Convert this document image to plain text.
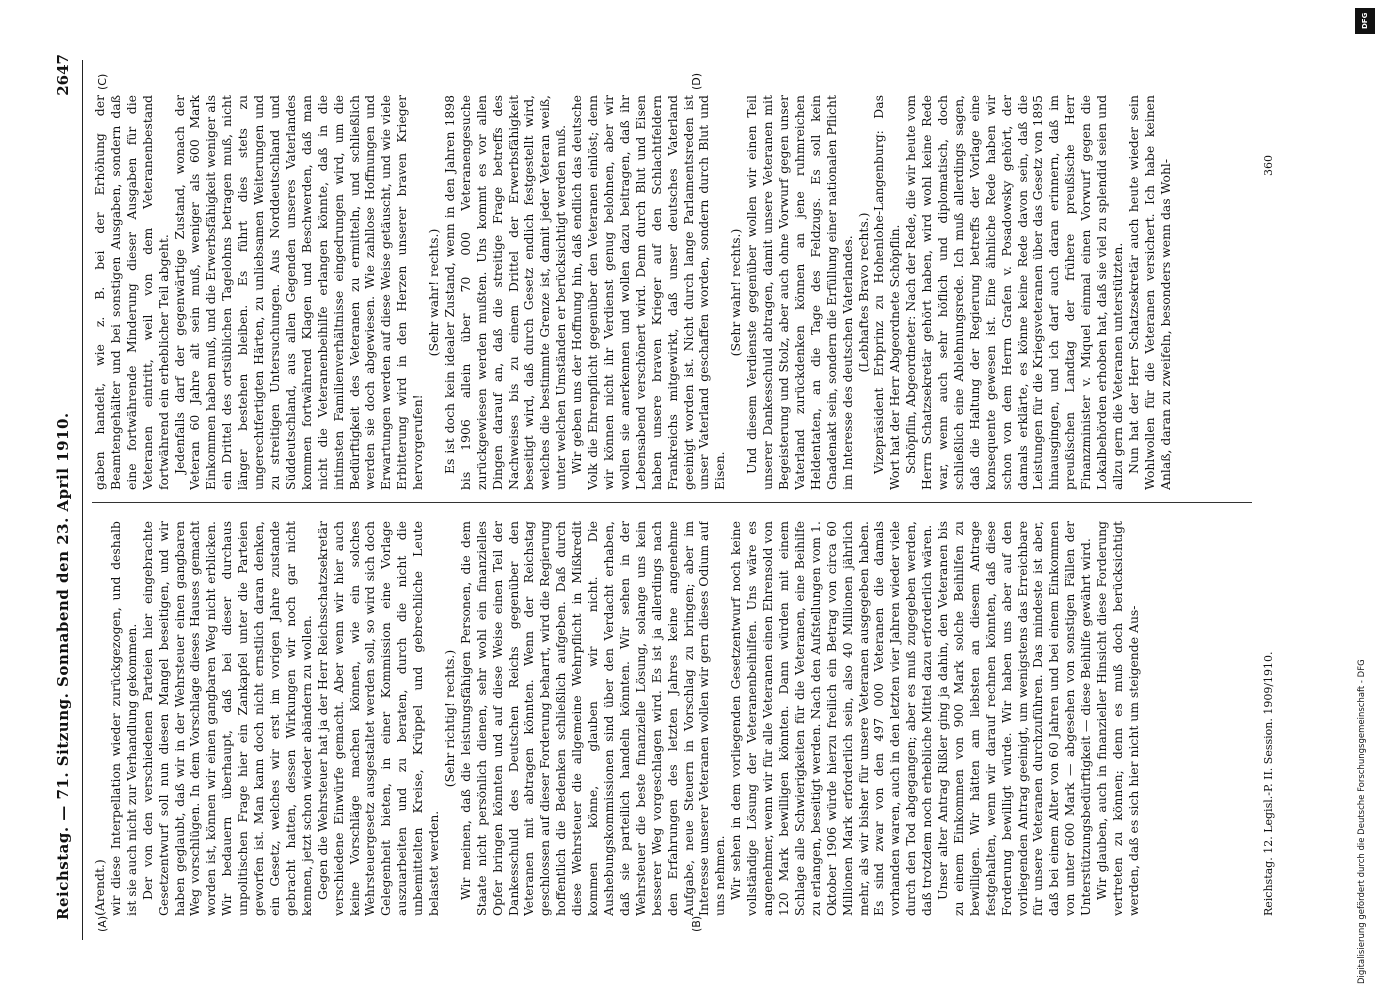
Reichstag. — 71. Sitzung. Sonnabend den 23. April 1910.
2647
(A)	(B)
(C)	(D)

(Arendt.) wir diese Interpellation wieder zurückgezogen, und deshalb ist sie auch nicht zur Verhandlung gekommen. Der von den verschiedenen Parteien hier eingebrachte Gesetzentwurf soll nun diesen Mangel beseitigen, und wir haben geglaubt, daß wir in der Wehrsteuer einen gangbaren Weg vorschlügen. In dem Vorschlage dieses Hauses gemacht worden ist, können wir einen gangbaren Weg nicht erblicken. Wir bedauern überhaupt, daß bei dieser durchaus unpolitischen Frage hier ein Zankapfel unter die Parteien geworfen ist. Man kann doch nicht ernstlich daran denken, ein Gesetz, welches wir erst im vorigen Jahre zustande gebracht hatten, dessen Wirkungen wir noch gar nicht kennen, jetzt schon wieder abändern zu wollen. Gegen die Wehrsteuer hat ja der Herr Reichsschatzsekretär verschiedene Einwürfe gemacht. Aber wenn wir hier auch keine Vorschläge machen können, wie ein solches Wehrsteuergesetz ausgestaltet werden soll, so wird sich doch Gelegenheit bieten, in einer Kommission eine Vorlage auszuarbeiten und zu beraten, durch die nicht die unbemittelten Kreise, Krüppel und gebrechliche Leute belastet werden.

(Sehr richtig! rechts.) Wir meinen, daß die leistungsfähigen Personen, die dem Staate nicht persönlich dienen, sehr wohl ein finanzielles Opfer bringen könnten und auf diese Weise einen Teil der Dankesschuld des Deutschen Reichs gegenüber den Veteranen mit abtragen könnten. Wenn der Reichstag geschlossen auf dieser Forderung beharrt, wird die Regierung hoffentlich die Bedenken schließlich aufgeben. Daß durch diese Wehrsteuer die allgemeine Wehrpflicht in Mißkredit kommen könne, glauben wir nicht. Die Aushebungskommissionen sind über den Verdacht erhaben, daß sie parteilich handeln könnten. Wir sehen in der Wehrsteuer die beste finanzielle Lösung, solange uns kein besserer Weg vorgeschlagen wird. Es ist ja allerdings nach den Erfahrungen des letzten Jahres keine angenehme Aufgabe, neue Steuern in Vorschlag zu bringen; aber im Interesse unserer Veteranen wollen wir gern dieses Odium auf uns nehmen. Wir sehen in dem vorliegenden Gesetzentwurf noch keine vollständige Lösung der Veteranenbeihilfen. Uns wäre es angenehmer, wenn wir für alle Veteranen einen Ehrensold von 120 Mark bewilligen könnten. Dann würden mit einem Schlage alle Schwierigkeiten für die Veteranen, eine Beihilfe zu erlangen, beseitigt werden. Nach den Aufstellungen vom 1. Oktober 1906 würde hierzu freilich ein Betrag von circa 60 Millionen Mark erforderlich sein, also 40 Millionen jährlich mehr, als wir bisher für unsere Veteranen ausgegeben haben. Es sind zwar von den 497 000 Veteranen die damals vorhanden waren, auch in den letzten vier Jahren wieder viele durch den Tod abgegangen; aber es muß zugegeben werden, daß trotzdem noch erhebliche Mittel dazu erforderlich wären. Unser alter Antrag Rißler ging ja dahin, den Veteranen bis zu einem Einkommen von 900 Mark solche Beihilfen zu bewilligen. Wir hätten am liebsten an diesem Antrage festgehalten, wenn wir darauf rechnen könnten, daß diese Forderung bewilligt würde. Wir haben uns aber auf den vorliegenden Antrag geeinigt, um wenigstens das Erreichbare für unsere Veteranen durchzuführen. Das mindeste ist aber, daß bei einem Alter von 60 Jahren und bei einem Einkommen von unter 600 Mark — abgesehen von sonstigen Fällen der Unterstützungsbedürftigkeit — diese Beihilfe gewährt wird. Wir glauben, auch in finanzieller Hinsicht diese Forderung vertreten zu können; denn es muß doch berücksichtigt werden, daß es sich hier nicht um steigende Aus-

gaben handelt, wie z. B. bei der Erhöhung der Beamtengehälter und bei sonstigen Ausgaben, sondern daß eine fortwährende Minderung dieser Ausgaben für die Veteranen eintritt, weil von dem Veteranenbestand fortwährend ein erheblicher Teil abgeht. Jedenfalls darf der gegenwärtige Zustand, wonach der Veteran 60 Jahre alt sein muß, weniger als 600 Mark Einkommen haben muß, und die Erwerbsfähigkeit weniger als ein Drittel des ortsüblichen Tagelohns betragen muß, nicht länger bestehen bleiben. Es führt dies stets zu ungerechtfertigten Härten, zu unliebsamen Weiterungen und zu streitigen Untersuchungen. Aus Norddeutschland und Süddeutschland, aus allen Gegenden unseres Vaterlandes kommen fortwährend Klagen und Beschwerden, daß man nicht die Veteranenbeihilfe erlangen könnte, daß in die intimsten Familienverhältnisse eingedrungen wird, um die Bedürftigkeit des Veteranen zu ermitteln, und schließlich werden sie doch abgewiesen. Wie zahllose Hoffnungen und Erwartungen werden auf diese Weise getäuscht, und wie viele Erbitterung wird in den Herzen unserer braven Krieger hervorgerufen!

(Sehr wahr! rechts.) Es ist doch kein idealer Zustand, wenn in den Jahren 1898 bis 1906 allein über 70 000 Veteranengesuche zurückgewiesen werden mußten. Uns kommt es vor allen Dingen darauf an, daß die streitige Frage betreffs des Nachweises bis zu einem Drittel der Erwerbsfähigkeit beseitigt wird, daß durch Gesetz endlich festgestellt wird, welches die bestimmte Grenze ist, damit jeder Veteran weiß, unter welchen Umständen er berücksichtigt werden muß. Wir geben uns der Hoffnung hin, daß endlich das deutsche Volk die Ehrenpflicht gegenüber den Veteranen einlöst; denn wir können nicht ihr Verdienst genug belohnen, aber wir wollen sie anerkennen und wollen dazu beitragen, daß ihr Lebensabend verschönert wird. Denn durch Blut und Eisen haben unsere braven Krieger auf den Schlachtfeldern Frankreichs mitgewirkt, daß unser deutsches Vaterland geeinigt worden ist. Nicht durch lange Parlamentsreden ist unser Vaterland geschaffen worden, sondern durch Blut und Eisen.

(Sehr wahr! rechts.) Und diesem Verdienste gegenüber wollen wir einen Teil unserer Dankesschuld abtragen, damit unsere Veteranen mit Begeisterung und Stolz, aber auch ohne Vorwurf gegen unser Vaterland zurückdenken können an jene ruhmreichen Heldentaten, an die Tage des Feldzugs. Es soll kein Gnadenakt sein, sondern die Erfüllung einer nationalen Pflicht im Interesse des deutschen Vaterlandes. (Lebhaftes Bravo rechts.) Vizepräsident Erbprinz zu Hohenlohe-Langenburg: Das Wort hat der Herr Abgeordnete Schöpflin. Schöpflin, Abgeordneter: Nach der Rede, die wir heute vom Herrn Schatzsekretär gehört haben, wird wohl keine Rede war, wenn auch sehr höflich und diplomatisch, doch schließlich eine Ablehnungsrede. Ich muß allerdings sagen, daß die Haltung der Regierung betreffs der Vorlage eine konsequente gewesen ist. Eine ähnliche Rede haben wir schon von dem Herrn Grafen v. Posadowsky gehört, der damals erklärte, es könne keine Rede davon sein, daß die Leistungen für die Kriegsveteranen über das Gesetz von 1895 hinausgingen, und ich darf auch daran erinnern, daß im preußischen Landtag der frühere preußische Herr Finanzminister v. Miquel einmal einen Vorwurf gegen die Lokalbehörden erhoben hat, daß sie viel zu splendid seien und allzu gern die Veteranen unterstützten. Nun hat der Herr Schatzsekretär auch heute wieder sein Wohlwollen für die Veteranen versichert. Ich habe keinen Anlaß, daran zu zweifeln, besonders wenn das Wohl-

Reichstag. 12. Legisl.-P. II. Session. 1909/1910.
360
DFG
Digitalisierung gefördert durch die Deutsche Forschungsgemeinschaft - DFG
